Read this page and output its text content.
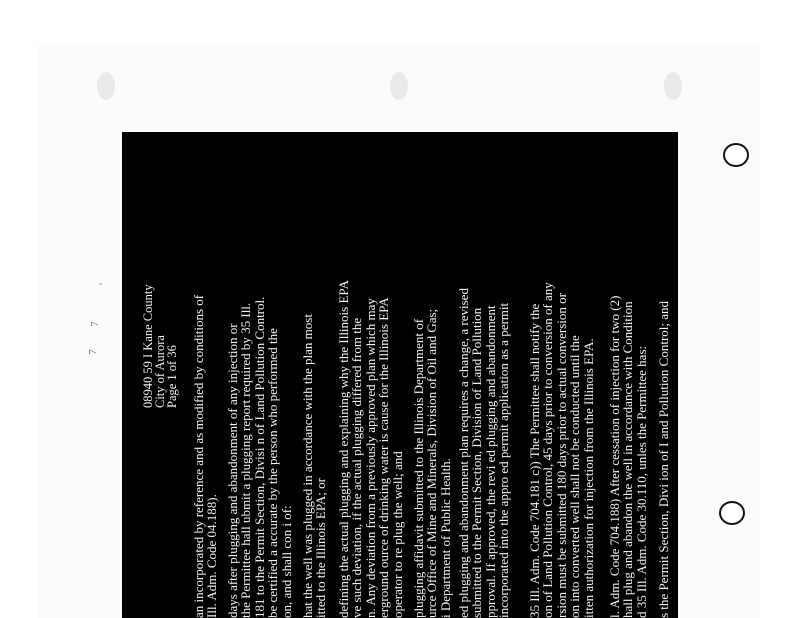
7
7
,
08940 59 I Kane County
City of Aurora
Page 1 of 36 an incorporated by reference and as modified by conditions of
Ill. Adm. Code 04.188). days after plugging and abandonment of any injection or
the Permittee hall ubmit a plugging report required by 35 Ill.
181 to the Permit Section, Divisi n of Land Pollution Control.
be certified a accurate by the person who performed the
on, and shall con i of: hat the well was plugged in accordance with the plan most
itted to the Illinois EPA; or defining the actual plugging and explaining why the Illinois EPA
ve such deviation, if the actual plugging differed from the
n. Any deviation from a previously approved plan which may
erground ource of drinking water is cause for the Illinois EPA
operator to re plug the well; and plugging affidavit submitted to the Illinois Department of
urce Office of Mine and Minerals, Division of Oil and Gas;
i Department of Public Health. ed plugging and abandonment plan requires a change, a revised
submitted to the Permit Section, Division of Land Pollution
pproval. If approved, the revi ed plugging and abandonment
incorporated into the appro ed permit application as a permit 35 Ill. Adm. Code 704.181 c)) The Permittee shall notify the
on of Land Pollution Control, 45 days prior to conversion of any
rsion must be submitted 180 days prior to actual conversion or
on into converted well shall not be conducted until the
itten authorization for injection from the Illinois EPA. l. Adm. Code 704.188) After cessation of injection for two (2)
hall plug and abandon the well in accordance with Condition
d 35 Ill. Adm. Code 30.110, unles the Permittee has: s the Permit Section, Divi ion of I and Pollution Control; and
